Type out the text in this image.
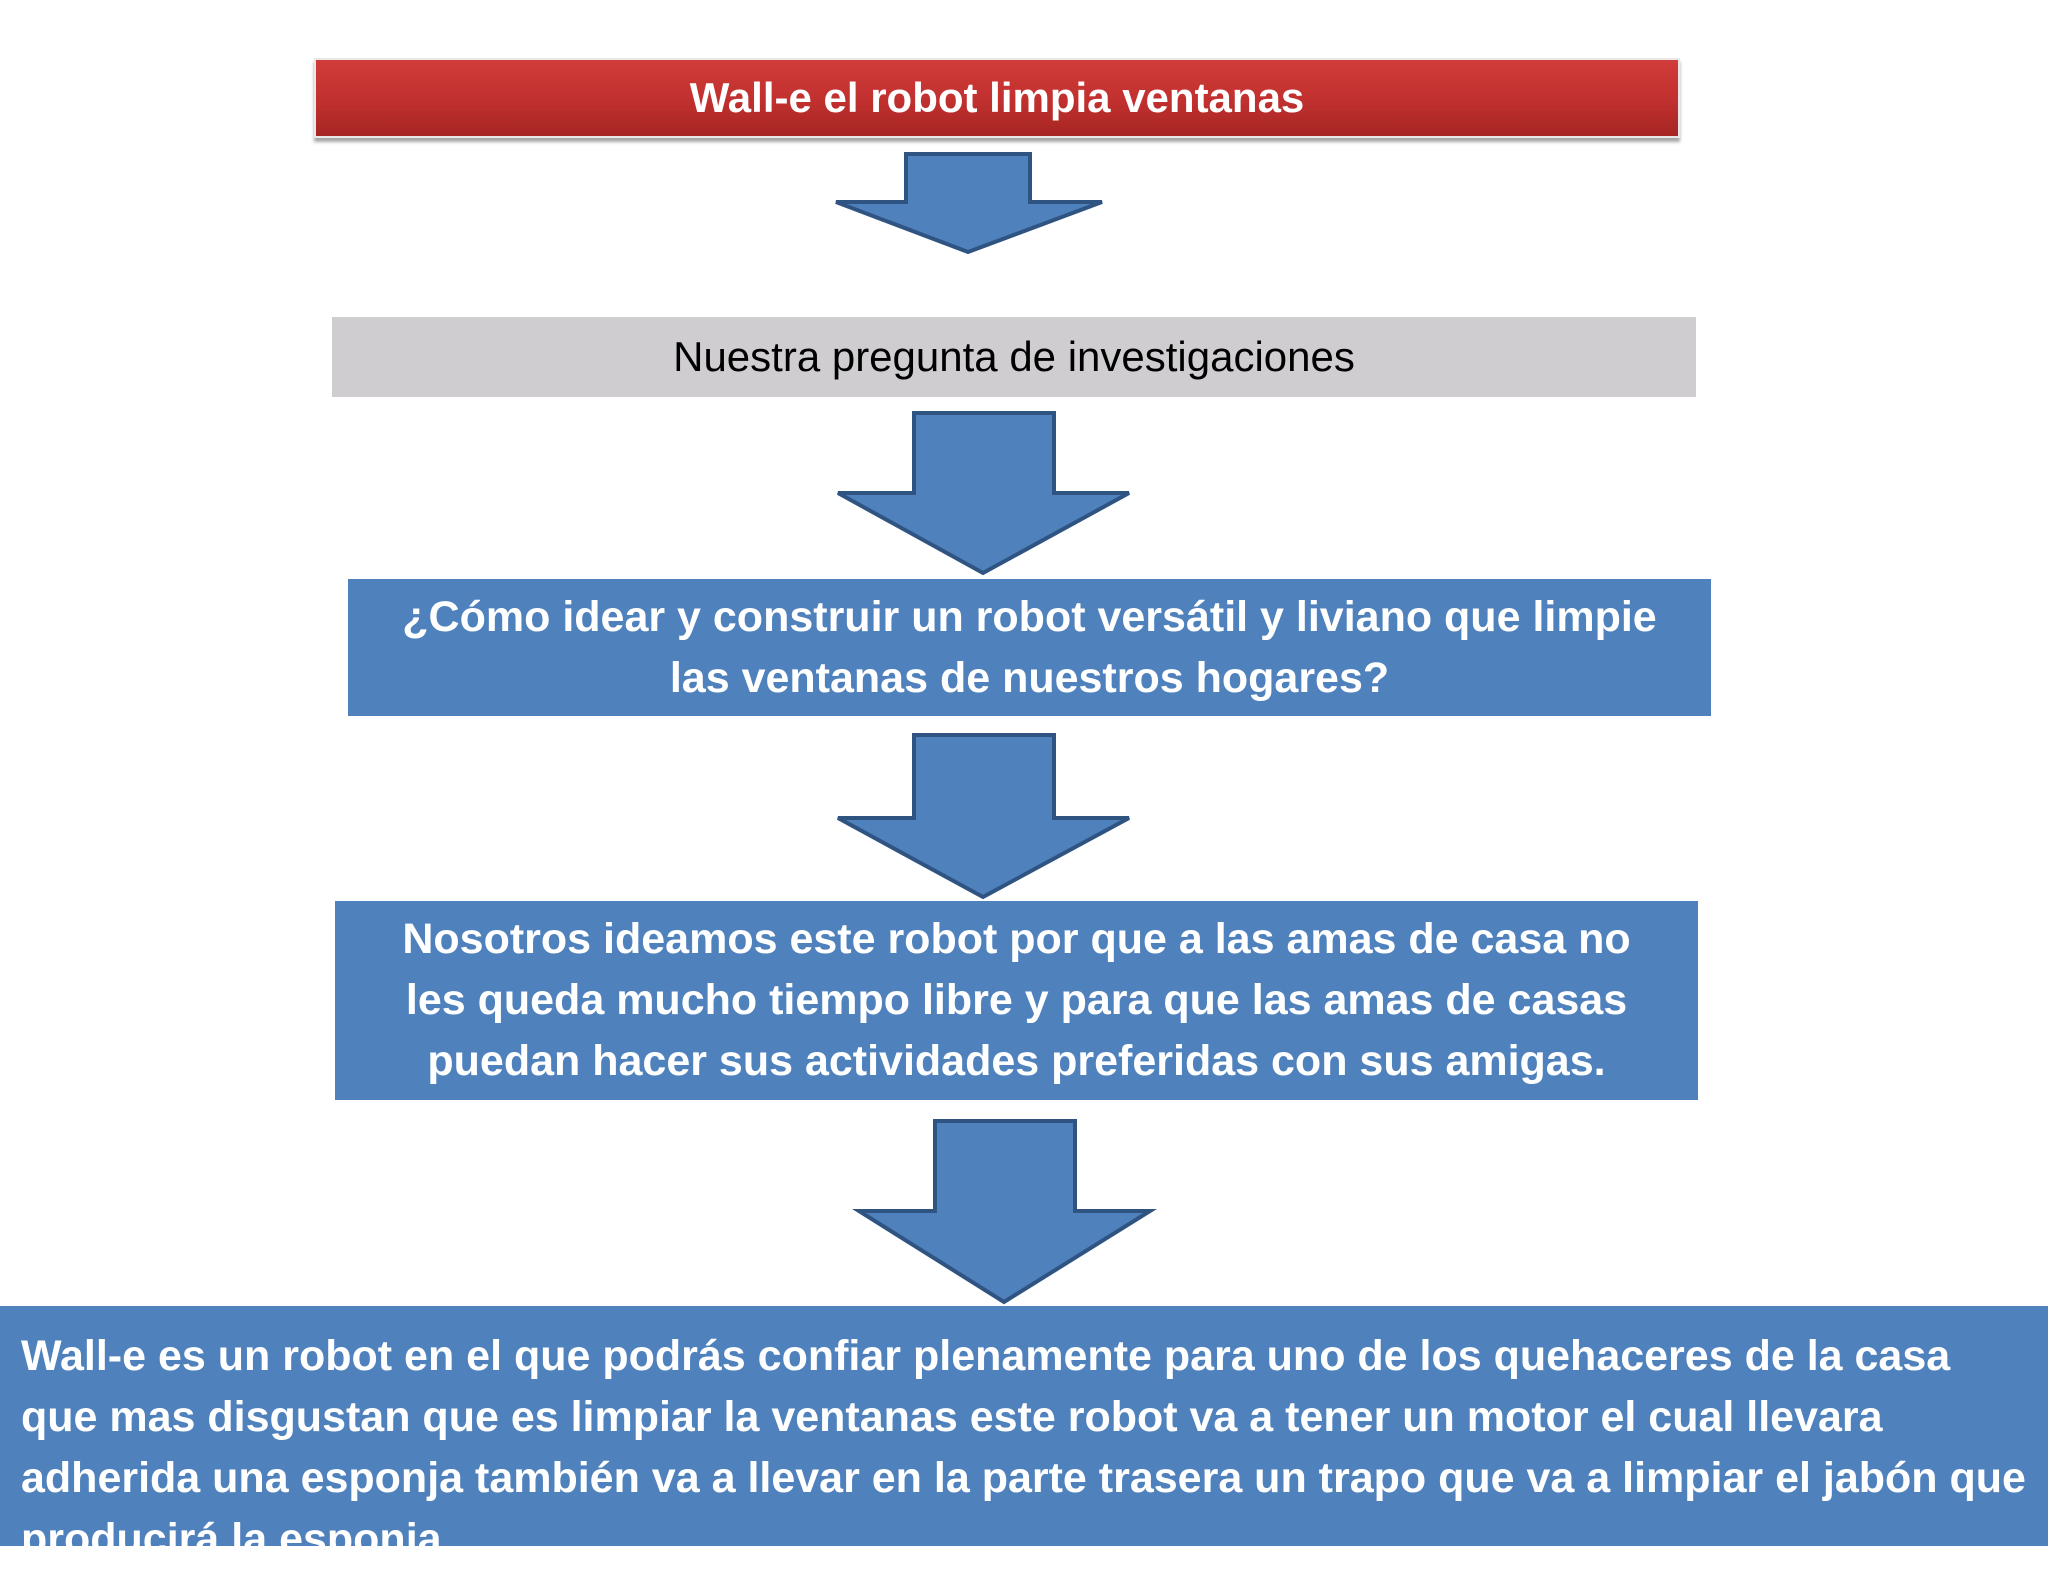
Wall-e el robot limpia ventanas
Nuestra pregunta de investigaciones
¿Cómo idear y construir un robot versátil y liviano que limpie las ventanas de nuestros hogares?
Nosotros ideamos este robot por que a las amas de casa no les queda mucho tiempo libre y para que las amas de casas puedan hacer sus actividades preferidas con sus amigas.
Wall-e es un robot en el que podrás confiar plenamente para uno de los quehaceres de la casa que mas disgustan que es limpiar la ventanas este robot va a tener un motor el cual llevara adherida una esponja también va a llevar en la parte trasera un trapo que va a limpiar el jabón que producirá la esponja.
